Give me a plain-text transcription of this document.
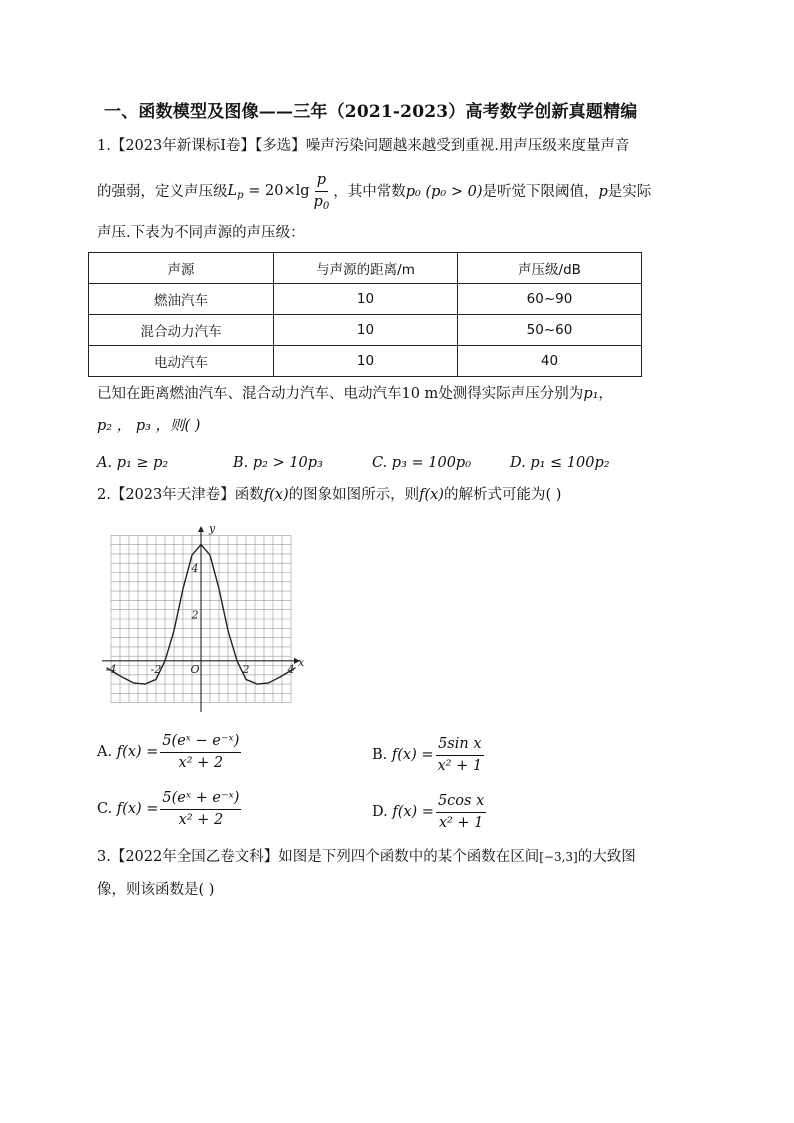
一、函数模型及图像——三年（2021-2023）高考数学创新真题精编
1.【2023年新课标Ⅰ卷】【多选】噪声污染问题越来越受到重视.用声压级来度量声音
的强弱，定义声压级 $L_p = 20\times\lg \frac{p}{p_0}$ ，其中常数 p₀ (p₀ > 0) 是听觉下限阈值， p 是实际
声压.下表为不同声源的声压级：
声源	与声源的距离/m	声压级/dB
燃油汽车	10	60~90
混合动力汽车	10	50~60
电动汽车	10	40
已知在距离燃油汽车、混合动力汽车、电动汽车10 m处测得实际声压分别为p₁，
p₂ ， p₃ ，则( )
A. p₁ ≥ p₂	B. p₂ > 10p₃	C. p₃ = 100p₀	D. p₁ ≤ 100p₂
2.【2023年天津卷】函数f(x)的图象如图所示，则f(x)的解析式可能为( )
-4	-2	O	2	4
4
2
x
y
A.
$f(x) = \frac{\text{5(eˣ − e⁻ˣ)}}{\text{x² + 2}}$	B.
$f(x) = \frac{\text{5sin x}}{\text{x² + 1}}$
C.
$f(x) = \frac{\text{5(eˣ + e⁻ˣ)}}{\text{x² + 2}}$	D.
$f(x) = \frac{\text{5cos x}}{\text{x² + 1}}$
3.【2022年全国乙卷文科】如图是下列四个函数中的某个函数在区间[−3,3]的大致图
像，则该函数是( )
